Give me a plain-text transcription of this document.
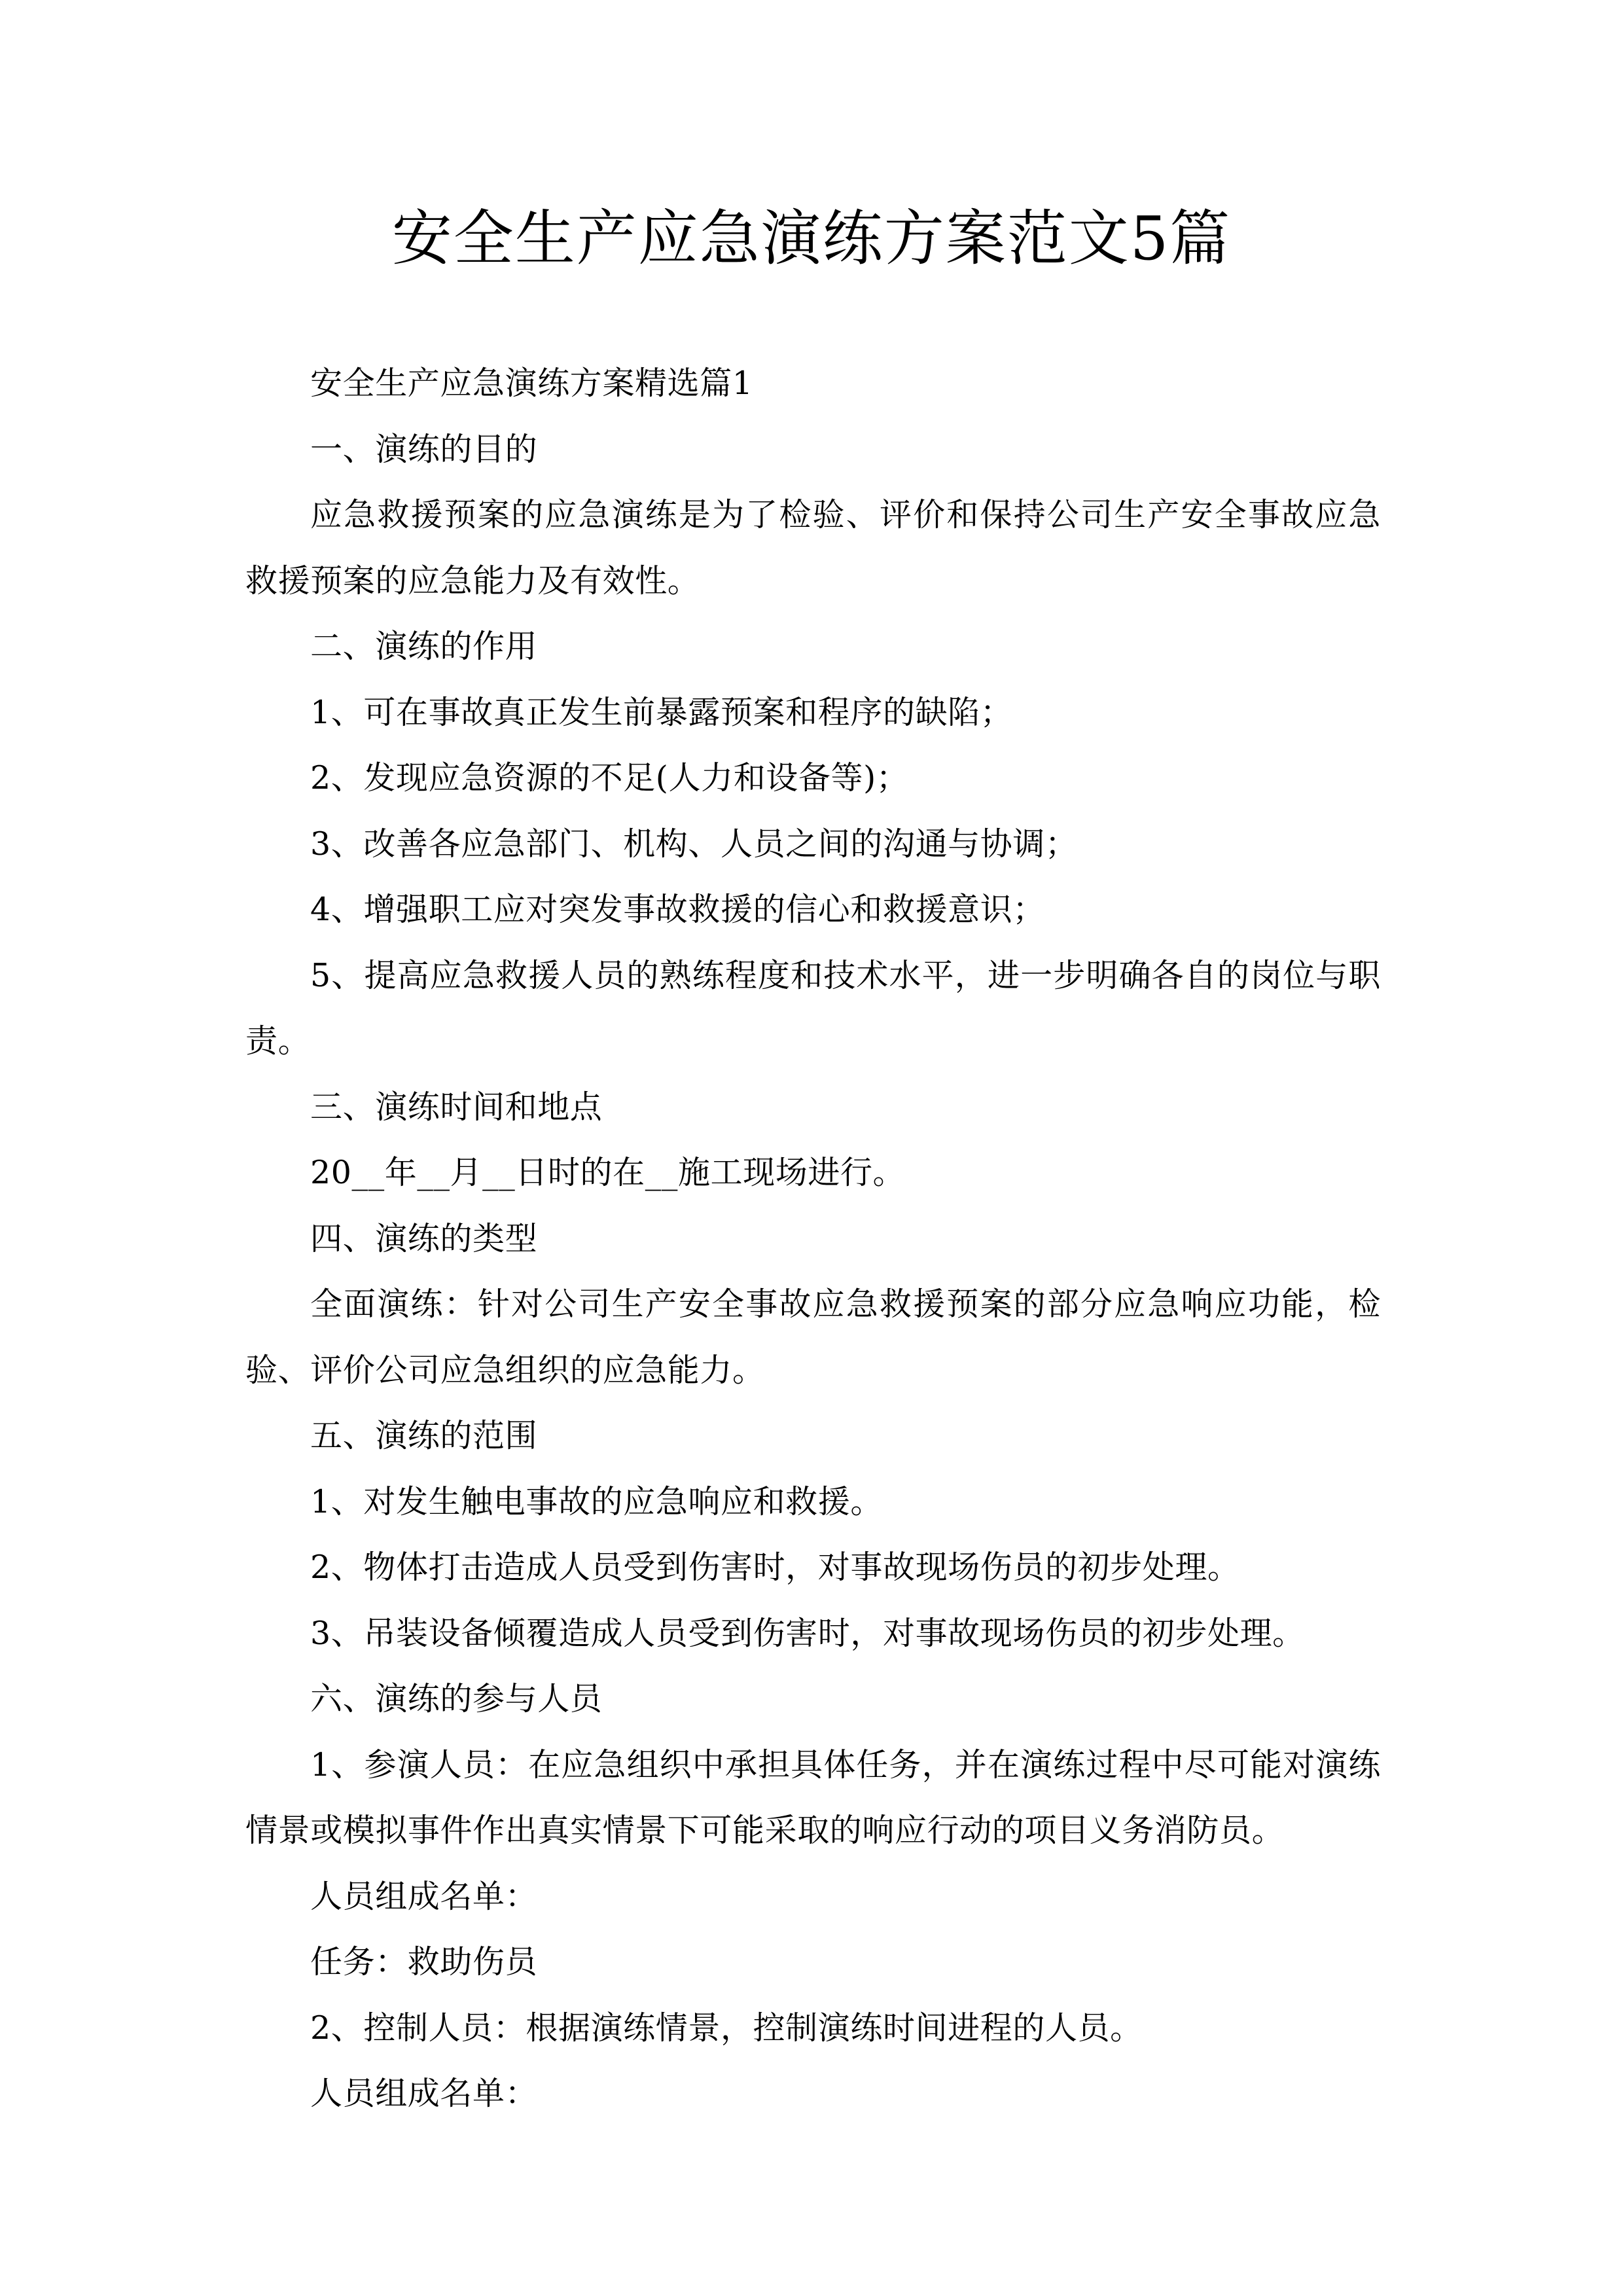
安全生产应急演练方案范文5篇

安全生产应急演练方案精选篇1

一、演练的目的

应急救援预案的应急演练是为了检验、评价和保持公司生产安全事故应急救援预案的应急能力及有效性。

二、演练的作用

1、可在事故真正发生前暴露预案和程序的缺陷；

2、发现应急资源的不足(人力和设备等)；

3、改善各应急部门、机构、人员之间的沟通与协调；

4、增强职工应对突发事故救援的信心和救援意识；

5、提高应急救援人员的熟练程度和技术水平，进一步明确各自的岗位与职责。

三、演练时间和地点

20__年__月__日时的在__施工现场进行。

四、演练的类型

全面演练：针对公司生产安全事故应急救援预案的部分应急响应功能，检验、评价公司应急组织的应急能力。

五、演练的范围

1、对发生触电事故的应急响应和救援。

2、物体打击造成人员受到伤害时，对事故现场伤员的初步处理。

3、吊装设备倾覆造成人员受到伤害时，对事故现场伤员的初步处理。

六、演练的参与人员

1、参演人员：在应急组织中承担具体任务，并在演练过程中尽可能对演练情景或模拟事件作出真实情景下可能采取的响应行动的项目义务消防员。

人员组成名单：

任务：救助伤员

2、控制人员：根据演练情景，控制演练时间进程的人员。

人员组成名单：
